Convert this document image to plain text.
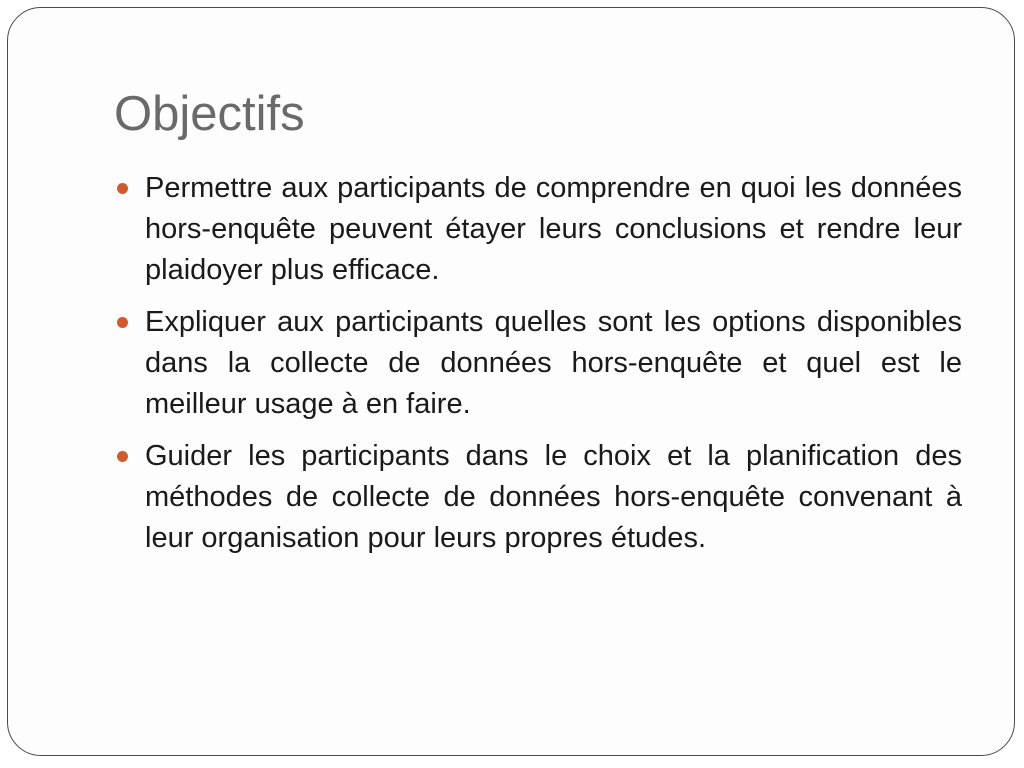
Objectifs
Permettre aux participants de comprendre en quoi les données hors-enquête peuvent étayer leurs conclusions et rendre leur plaidoyer plus efficace.
Expliquer aux participants quelles sont les options disponibles dans la collecte de données hors-enquête et quel est le meilleur usage à en faire.
Guider les participants dans le choix et la planification des méthodes de collecte de données hors-enquête convenant à leur organisation pour leurs propres études.
